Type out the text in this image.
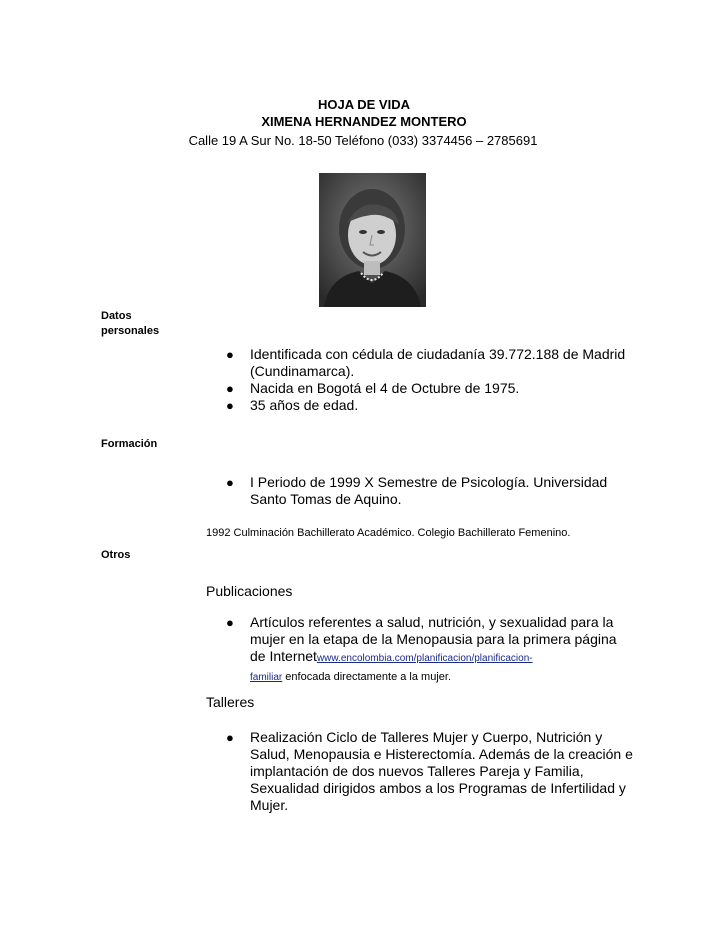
HOJA DE VIDA
XIMENA HERNANDEZ MONTERO
Calle 19 A Sur No. 18-50 Teléfono (033) 3374456 – 2785691
Datos
personales
● Identificada con cédula de ciudadanía 39.772.188 de Madrid
(Cundinamarca).
● Nacida en Bogotá el 4 de Octubre de 1975.
● 35 años de edad.
Formación
● I Periodo de 1999 X Semestre de Psicología. Universidad
Santo Tomas de Aquino.
1992 Culminación Bachillerato Académico. Colegio Bachillerato Femenino.
Otros
Publicaciones
● Artículos referentes a salud, nutrición, y sexualidad para la
mujer en la etapa de la Menopausia para la primera página
de Internetwww.encolombia.com/planificacion/planificacion-
familiar enfocada directamente a la mujer.
Talleres
● Realización Ciclo de Talleres Mujer y Cuerpo, Nutrición y
Salud, Menopausia e Histerectomía. Además de la creación e
implantación de dos nuevos Talleres Pareja y Familia,
Sexualidad dirigidos ambos a los Programas de Infertilidad y
Mujer.
